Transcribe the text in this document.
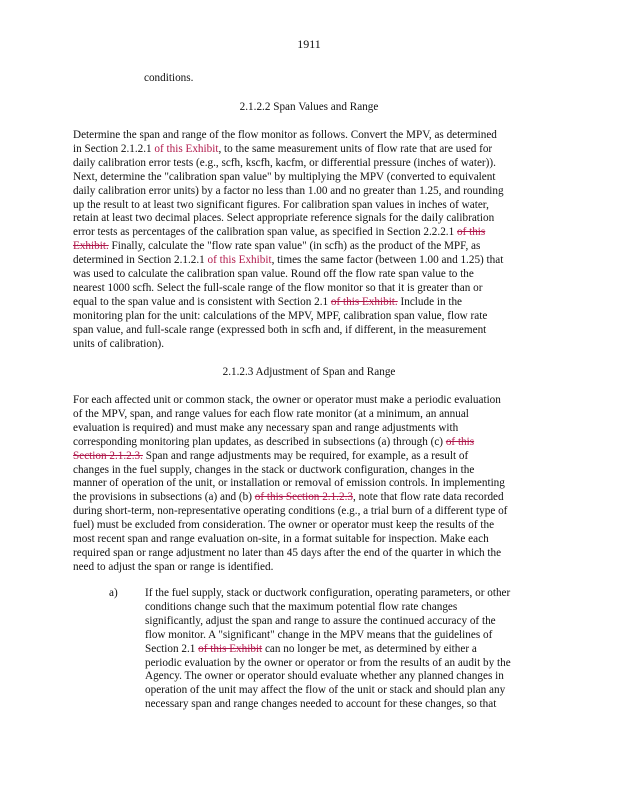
1911
conditions.
2.1.2.2 Span Values and Range

Determine the span and range of the flow monitor as follows. Convert the MPV, as determined

in Section 2.1.2.1 of this Exhibit, to the same measurement units of flow rate that are used for

daily calibration error tests (e.g., scfh, kscfh, kacfm, or differential pressure (inches of water)).

Next, determine the "calibration span value" by multiplying the MPV (converted to equivalent

daily calibration error units) by a factor no less than 1.00 and no greater than 1.25, and rounding

up the result to at least two significant figures. For calibration span values in inches of water,

retain at least two decimal places. Select appropriate reference signals for the daily calibration

error tests as percentages of the calibration span value, as specified in Section 2.2.2.1 of this

Exhibit. Finally, calculate the "flow rate span value" (in scfh) as the product of the MPF, as

determined in Section 2.1.2.1 of this Exhibit, times the same factor (between 1.00 and 1.25) that

was used to calculate the calibration span value. Round off the flow rate span value to the

nearest 1000 scfh. Select the full-scale range of the flow monitor so that it is greater than or

equal to the span value and is consistent with Section 2.1 of this Exhibit. Include in the

monitoring plan for the unit: calculations of the MPV, MPF, calibration span value, flow rate

span value, and full-scale range (expressed both in scfh and, if different, in the measurement

units of calibration).

2.1.2.3 Adjustment of Span and Range

For each affected unit or common stack, the owner or operator must make a periodic evaluation

of the MPV, span, and range values for each flow rate monitor (at a minimum, an annual

evaluation is required) and must make any necessary span and range adjustments with

corresponding monitoring plan updates, as described in subsections (a) through (c) of this

Section 2.1.2.3. Span and range adjustments may be required, for example, as a result of

changes in the fuel supply, changes in the stack or ductwork configuration, changes in the

manner of operation of the unit, or installation or removal of emission controls. In implementing

the provisions in subsections (a) and (b) of this Section 2.1.2.3, note that flow rate data recorded

during short-term, non-representative operating conditions (e.g., a trial burn of a different type of

fuel) must be excluded from consideration. The owner or operator must keep the results of the

most recent span and range evaluation on-site, in a format suitable for inspection. Make each

required span or range adjustment no later than 45 days after the end of the quarter in which the

need to adjust the span or range is identified.

a) If the fuel supply, stack or ductwork configuration, operating parameters, or other

conditions change such that the maximum potential flow rate changes

significantly, adjust the span and range to assure the continued accuracy of the

flow monitor. A "significant" change in the MPV means that the guidelines of

Section 2.1 of this Exhibit can no longer be met, as determined by either a

periodic evaluation by the owner or operator or from the results of an audit by the

Agency. The owner or operator should evaluate whether any planned changes in

operation of the unit may affect the flow of the unit or stack and should plan any

necessary span and range changes needed to account for these changes, so that
